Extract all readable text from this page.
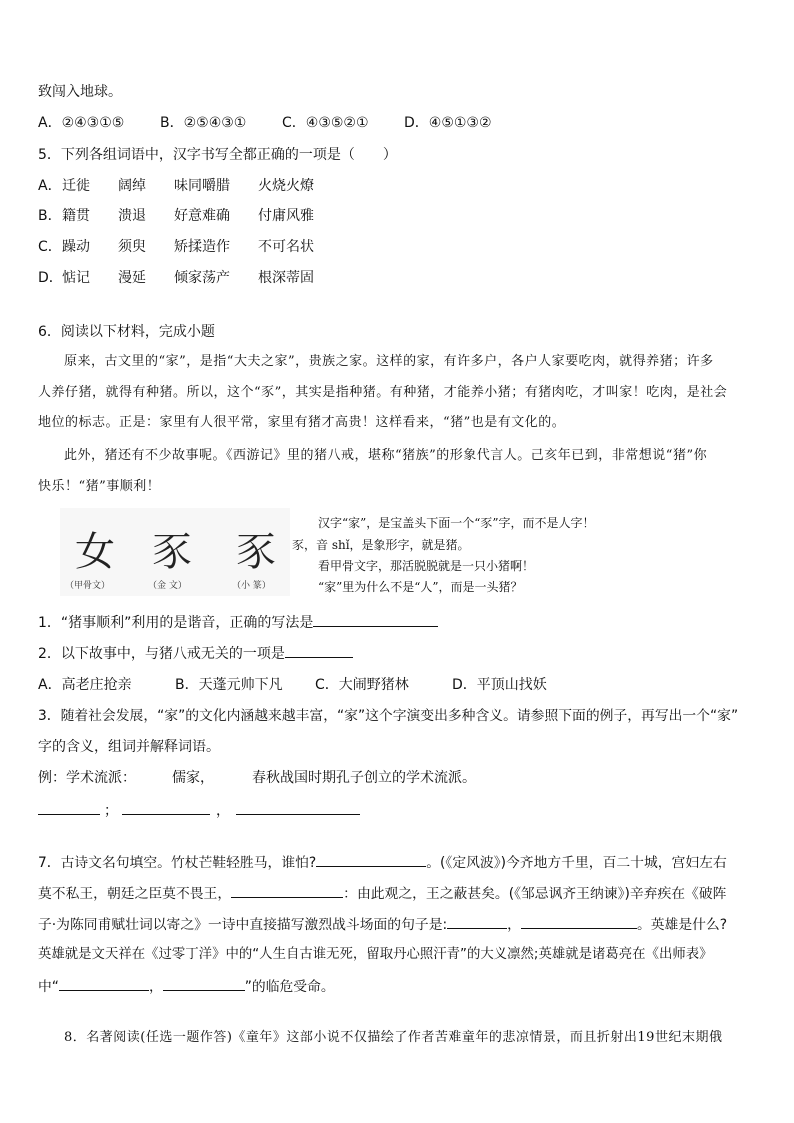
致闯入地球。
A．②④③①⑤	B．②⑤④③①	C．④③⑤②①	D．④⑤①③②
5．下列各组词语中，汉字书写全都正确的一项是（　　）
A．迁徙 阔绰 味同嚼腊 火烧火燎
B．籍贯 溃退 好意难确 付庸风雅
C．躁动 须臾 矫揉造作 不可名状
D．惦记 漫延 倾家荡产 根深蒂固
6．阅读以下材料，完成小题
原来，古文里的“家”，是指“大夫之家”，贵族之家。这样的家，有许多户，各户人家要吃肉，就得养猪；许多
人养仔猪，就得有种猪。所以，这个“豕”，其实是指种猪。有种猪，才能养小猪；有猪肉吃，才叫家！吃肉，是社会
地位的标志。正是：家里有人很平常，家里有猪才高贵！这样看来，“猪”也是有文化的。
此外，猪还有不少故事呢。《西游记》里的猪八戒，堪称“猪族”的形象代言人。己亥年已到，非常想说“猪”你
快乐！“猪”事顺利！
女 豕 豕
（甲骨文）	（金 文）	（小 篆）
汉字“家”，是宝盖头下面一个“豕”字，而不是人字！
豕，音 shǐ，是象形字，就是猪。
看甲骨文字，那活脱脱就是一只小猪啊！
“家”里为什么不是“人”，而是一头猪？
1．“猪事顺利”利用的是谐音，正确的写法是
2．以下故事中，与猪八戒无关的一项是
A．高老庄抢亲	B．天蓬元帅下凡 C．大闹野猪林	D．平顶山找妖
3．随着社会发展，“家”的文化内涵越来越丰富，“家”这个字演变出多种含义。请参照下面的例子，再写出一个“家”
字的含义，组词并解释词语。
例：学术流派：	儒家，	春秋战国时期孔子创立的学术流派。
；	，
7．古诗文名句填空。竹杖芒鞋轻胜马，谁怕?	。(《定风波》)今齐地方千里，百二十城，宫妇左右
莫不私王，朝廷之臣莫不畏王，	：由此观之，王之蔽甚矣。(《邹忌讽齐王纳谏》)辛弃疾在《破阵
子·为陈同甫赋壮词以寄之》一诗中直接描写激烈战斗场面的句子是:	，	。英雄是什么?
英雄就是文天祥在《过零丁洋》中的“人生自古谁无死，留取丹心照汗青”的大义凛然;英雄就是诸葛亮在《出师表》
中“	，	”的临危受命。
8．名著阅读(任选一题作答)《童年》这部小说不仅描绘了作者苦难童年的悲凉情景，而且折射出19世纪末期俄
